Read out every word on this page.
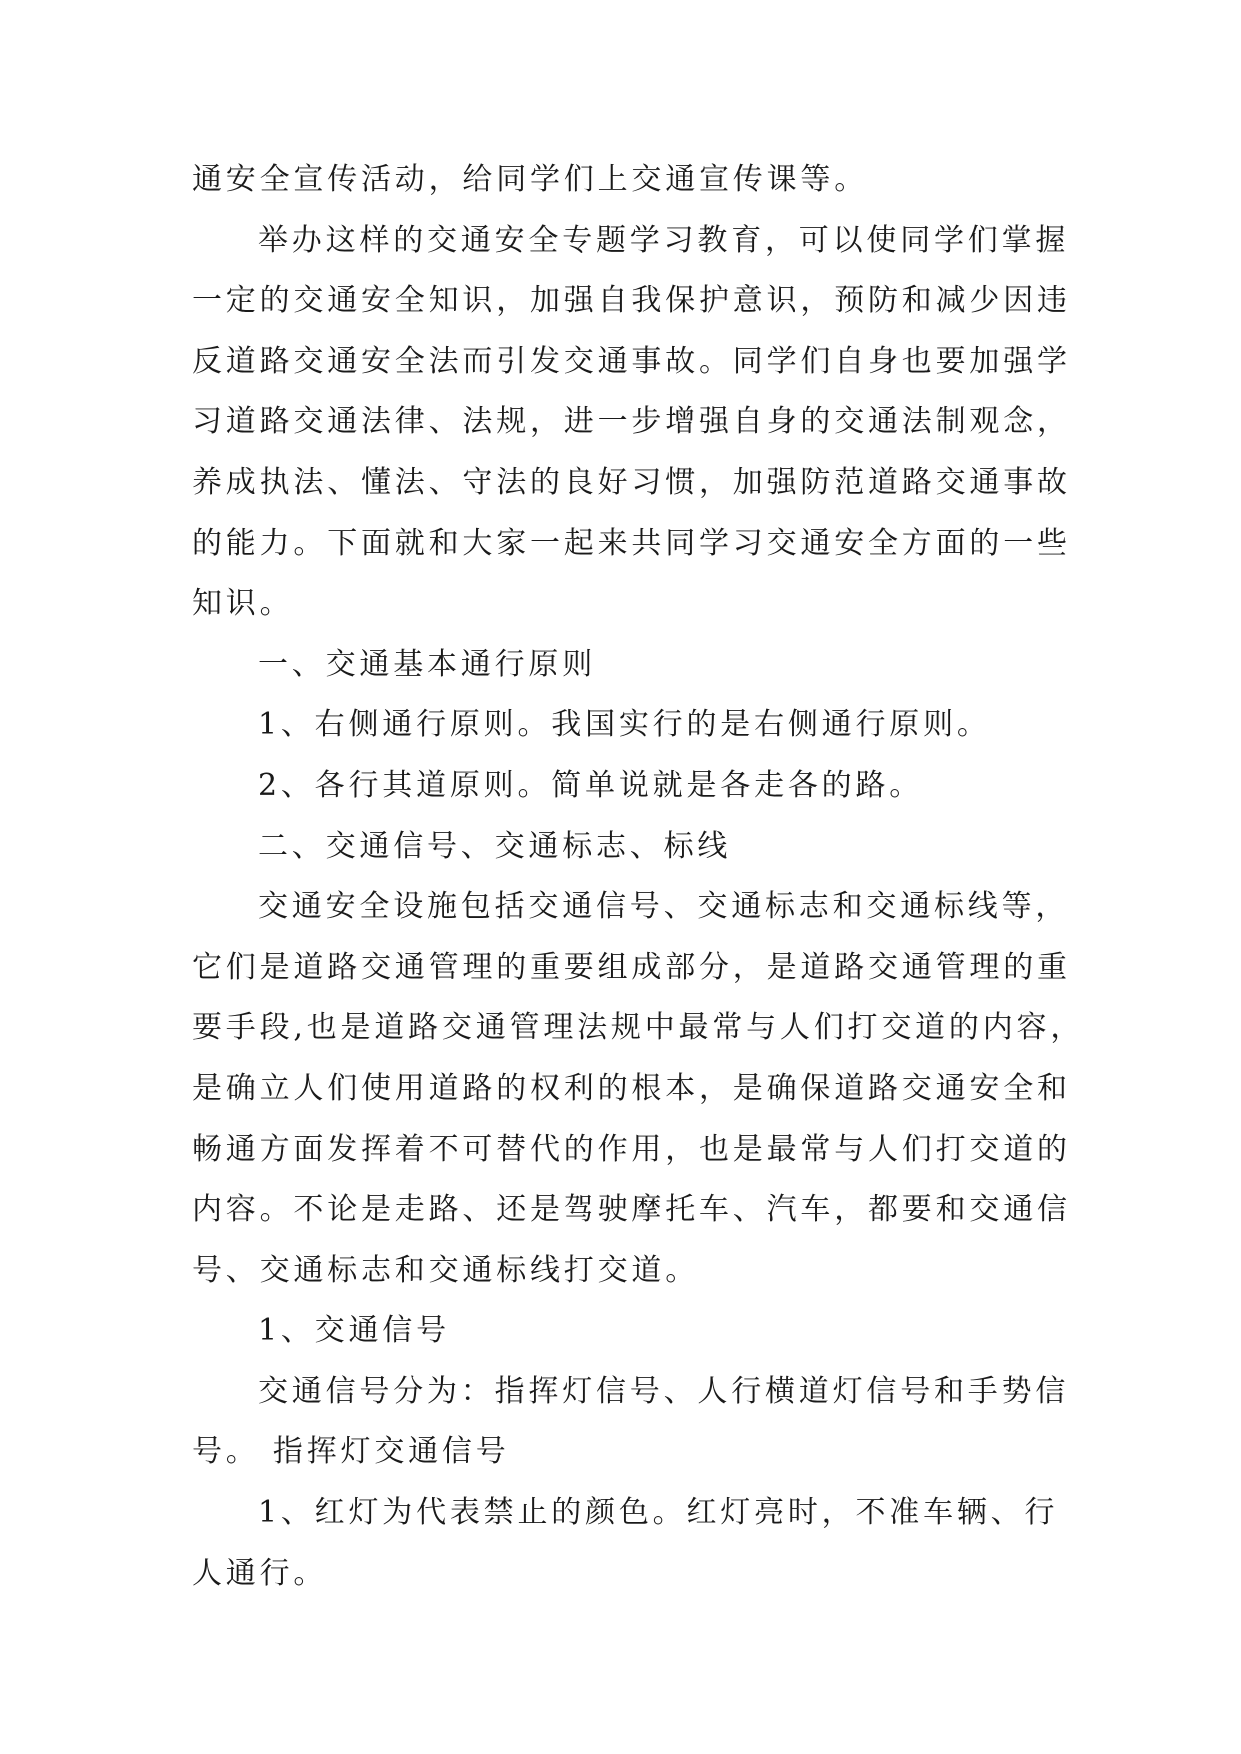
通安全宣传活动，给同学们上交通宣传课等。
举办这样的交通安全专题学习教育，可以使同学们掌握
一定的交通安全知识，加强自我保护意识，预防和减少因违
反道路交通安全法而引发交通事故。同学们自身也要加强学
习道路交通法律、法规，进一步增强自身的交通法制观念，
养成执法、懂法、守法的良好习惯，加强防范道路交通事故
的能力。下面就和大家一起来共同学习交通安全方面的一些
知识。
一、交通基本通行原则
1、右侧通行原则。我国实行的是右侧通行原则。
2、各行其道原则。简单说就是各走各的路。
二、交通信号、交通标志、标线
交通安全设施包括交通信号、交通标志和交通标线等，
它们是道路交通管理的重要组成部分，是道路交通管理的重
要手段,也是道路交通管理法规中最常与人们打交道的内容，
是确立人们使用道路的权利的根本，是确保道路交通安全和
畅通方面发挥着不可替代的作用，也是最常与人们打交道的
内容。不论是走路、还是驾驶摩托车、汽车，都要和交通信
号、交通标志和交通标线打交道。
1、交通信号
交通信号分为：指挥灯信号、人行横道灯信号和手势信
号。 指挥灯交通信号
1、红灯为代表禁止的颜色。红灯亮时，不准车辆、行
人通行。
